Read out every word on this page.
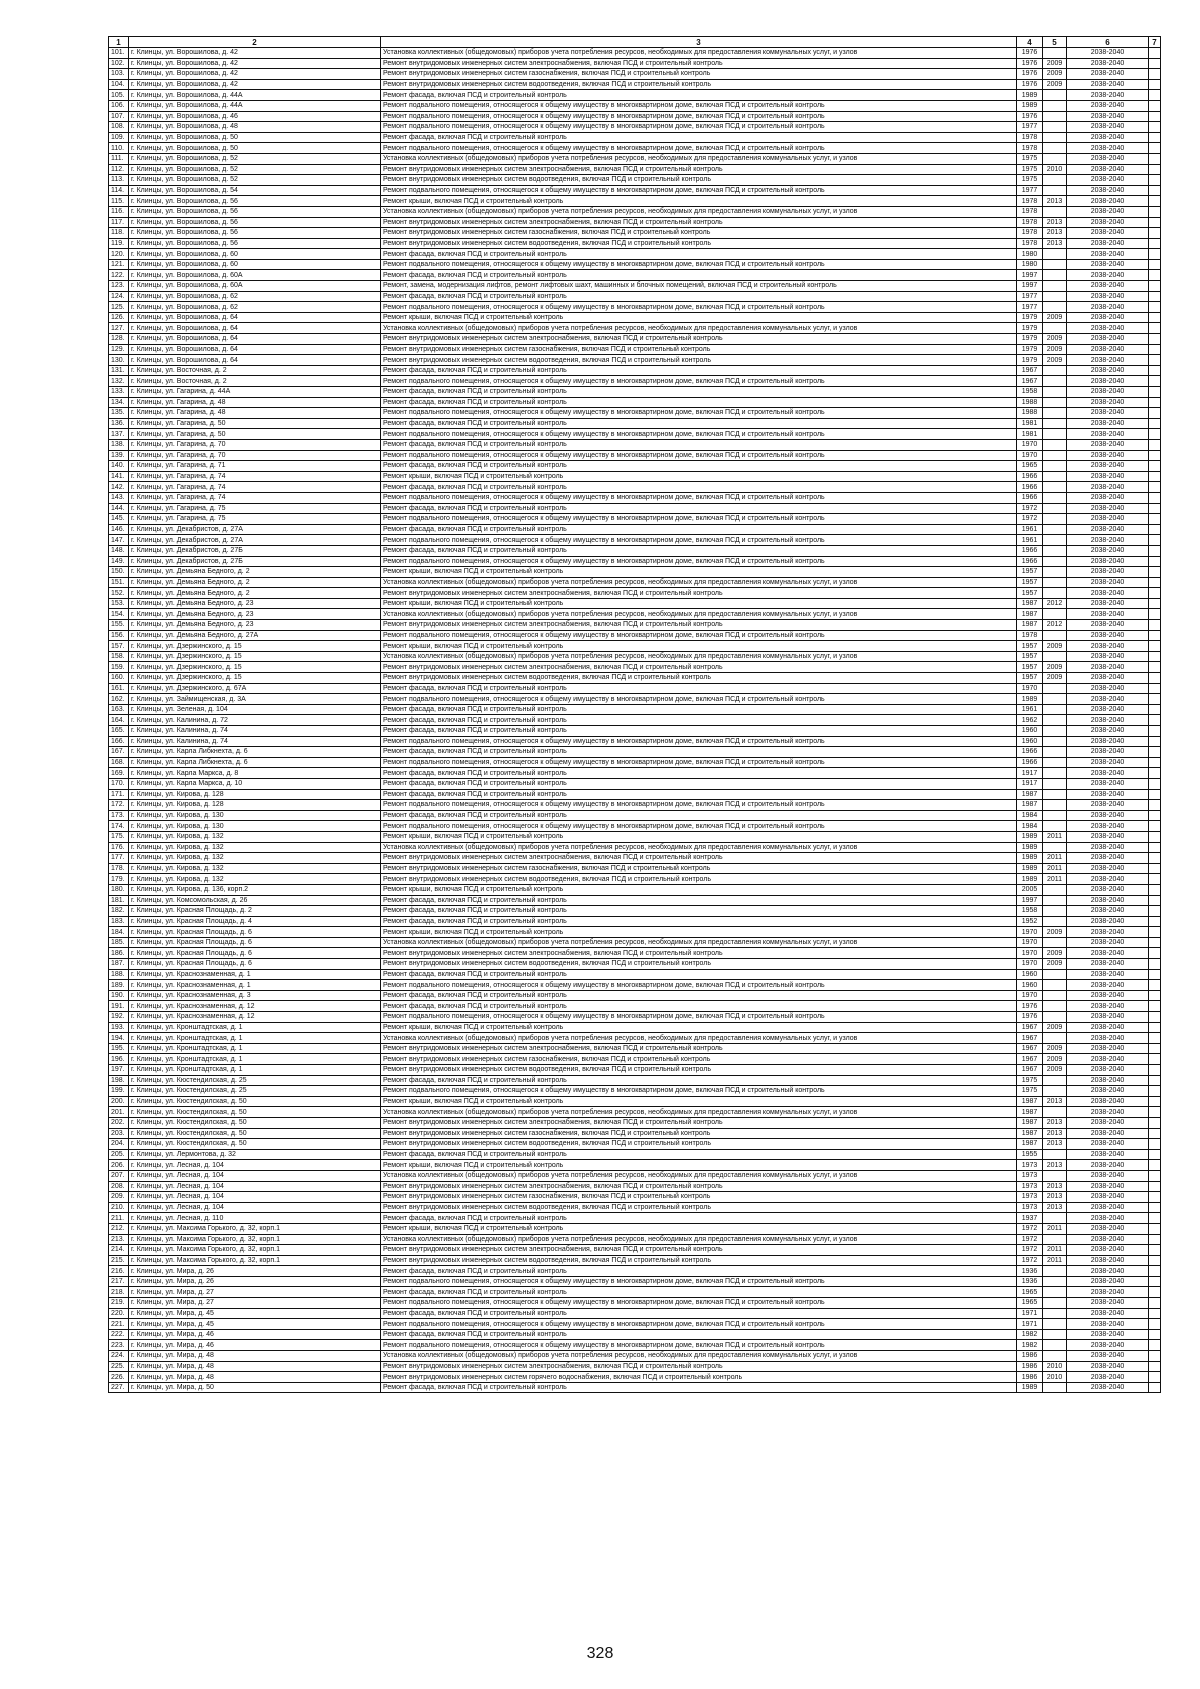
1	2	3	4	5	6	7
101.	г. Клинцы, ул. Ворошилова, д. 42	Установка коллективных (общедомовых) приборов учета потребления ресурсов, необходимых для предоставления коммунальных услуг, и узлов	1976		2038-2040	
102.	г. Клинцы, ул. Ворошилова, д. 42	Ремонт внутридомовых инженерных систем электроснабжения, включая ПСД и строительный контроль	1976	2009	2038-2040	
103.	г. Клинцы, ул. Ворошилова, д. 42	Ремонт внутридомовых инженерных систем газоснабжения, включая ПСД и строительный контроль	1976	2009	2038-2040	
104.	г. Клинцы, ул. Ворошилова, д. 42	Ремонт внутридомовых инженерных систем водоотведения, включая ПСД и строительный контроль	1976	2009	2038-2040	
105.	г. Клинцы, ул. Ворошилова, д. 44А	Ремонт фасада, включая ПСД и строительный контроль	1989		2038-2040	
106.	г. Клинцы, ул. Ворошилова, д. 44А	Ремонт подвального помещения, относящегося к общему имуществу в многоквартирном доме, включая ПСД и строительный контроль	1989		2038-2040	
107.	г. Клинцы, ул. Ворошилова, д. 46	Ремонт подвального помещения, относящегося к общему имуществу в многоквартирном доме, включая ПСД и строительный контроль	1976		2038-2040	
108.	г. Клинцы, ул. Ворошилова, д. 48	Ремонт подвального помещения, относящегося к общему имуществу в многоквартирном доме, включая ПСД и строительный контроль	1977		2038-2040	
109.	г. Клинцы, ул. Ворошилова, д. 50	Ремонт фасада, включая ПСД и строительный контроль	1978		2038-2040	
110.	г. Клинцы, ул. Ворошилова, д. 50	Ремонт подвального помещения, относящегося к общему имуществу в многоквартирном доме, включая ПСД и строительный контроль	1978		2038-2040	
111.	г. Клинцы, ул. Ворошилова, д. 52	Установка коллективных (общедомовых) приборов учета потребления ресурсов, необходимых для предоставления коммунальных услуг, и узлов	1975		2038-2040	
112.	г. Клинцы, ул. Ворошилова, д. 52	Ремонт внутридомовых инженерных систем электроснабжения, включая ПСД и строительный контроль	1975	2010	2038-2040	
113.	г. Клинцы, ул. Ворошилова, д. 52	Ремонт внутридомовых инженерных систем водоотведения, включая ПСД и строительный контроль	1975		2038-2040	
114.	г. Клинцы, ул. Ворошилова, д. 54	Ремонт подвального помещения, относящегося к общему имуществу в многоквартирном доме, включая ПСД и строительный контроль	1977		2038-2040	
115.	г. Клинцы, ул. Ворошилова, д. 56	Ремонт крыши, включая ПСД и строительный контроль	1978	2013	2038-2040	
116.	г. Клинцы, ул. Ворошилова, д. 56	Установка коллективных (общедомовых) приборов учета потребления ресурсов, необходимых для предоставления коммунальных услуг, и узлов	1978		2038-2040	
117.	г. Клинцы, ул. Ворошилова, д. 56	Ремонт внутридомовых инженерных систем электроснабжения, включая ПСД и строительный контроль	1978	2013	2038-2040	
118.	г. Клинцы, ул. Ворошилова, д. 56	Ремонт внутридомовых инженерных систем газоснабжения, включая ПСД и строительный контроль	1978	2013	2038-2040	
119.	г. Клинцы, ул. Ворошилова, д. 56	Ремонт внутридомовых инженерных систем водоотведения, включая ПСД и строительный контроль	1978	2013	2038-2040	
120.	г. Клинцы, ул. Ворошилова, д. 60	Ремонт фасада, включая ПСД и строительный контроль	1980		2038-2040	
121.	г. Клинцы, ул. Ворошилова, д. 60	Ремонт подвального помещения, относящегося к общему имуществу в многоквартирном доме, включая ПСД и строительный контроль	1980		2038-2040	
122.	г. Клинцы, ул. Ворошилова, д. 60А	Ремонт фасада, включая ПСД и строительный контроль	1997		2038-2040	
123.	г. Клинцы, ул. Ворошилова, д. 60А	Ремонт, замена, модернизация лифтов, ремонт лифтовых шахт, машинных и блочных помещений, включая ПСД и строительный контроль	1997		2038-2040	
124.	г. Клинцы, ул. Ворошилова, д. 62	Ремонт фасада, включая ПСД и строительный контроль	1977		2038-2040	
125.	г. Клинцы, ул. Ворошилова, д. 62	Ремонт подвального помещения, относящегося к общему имуществу в многоквартирном доме, включая ПСД и строительный контроль	1977		2038-2040	
126.	г. Клинцы, ул. Ворошилова, д. 64	Ремонт крыши, включая ПСД и строительный контроль	1979	2009	2038-2040	
127.	г. Клинцы, ул. Ворошилова, д. 64	Установка коллективных (общедомовых) приборов учета потребления ресурсов, необходимых для предоставления коммунальных услуг, и узлов	1979		2038-2040	
128.	г. Клинцы, ул. Ворошилова, д. 64	Ремонт внутридомовых инженерных систем электроснабжения, включая ПСД и строительный контроль	1979	2009	2038-2040	
129.	г. Клинцы, ул. Ворошилова, д. 64	Ремонт внутридомовых инженерных систем газоснабжения, включая ПСД и строительный контроль	1979	2009	2038-2040	
130.	г. Клинцы, ул. Ворошилова, д. 64	Ремонт внутридомовых инженерных систем водоотведения, включая ПСД и строительный контроль	1979	2009	2038-2040	
131.	г. Клинцы, ул. Восточная, д. 2	Ремонт фасада, включая ПСД и строительный контроль	1967		2038-2040	
132.	г. Клинцы, ул. Восточная, д. 2	Ремонт подвального помещения, относящегося к общему имуществу в многоквартирном доме, включая ПСД и строительный контроль	1967		2038-2040	
133.	г. Клинцы, ул. Гагарина, д. 44А	Ремонт фасада, включая ПСД и строительный контроль	1958		2038-2040	
134.	г. Клинцы, ул. Гагарина, д. 48	Ремонт фасада, включая ПСД и строительный контроль	1988		2038-2040	
135.	г. Клинцы, ул. Гагарина, д. 48	Ремонт подвального помещения, относящегося к общему имуществу в многоквартирном доме, включая ПСД и строительный контроль	1988		2038-2040	
136.	г. Клинцы, ул. Гагарина, д. 50	Ремонт фасада, включая ПСД и строительный контроль	1981		2038-2040	
137.	г. Клинцы, ул. Гагарина, д. 50	Ремонт подвального помещения, относящегося к общему имуществу в многоквартирном доме, включая ПСД и строительный контроль	1981		2038-2040	
138.	г. Клинцы, ул. Гагарина, д. 70	Ремонт фасада, включая ПСД и строительный контроль	1970		2038-2040	
139.	г. Клинцы, ул. Гагарина, д. 70	Ремонт подвального помещения, относящегося к общему имуществу в многоквартирном доме, включая ПСД и строительный контроль	1970		2038-2040	
140.	г. Клинцы, ул. Гагарина, д. 71	Ремонт фасада, включая ПСД и строительный контроль	1965		2038-2040	
141.	г. Клинцы, ул. Гагарина, д. 74	Ремонт крыши, включая ПСД и строительный контроль	1966		2038-2040	
142.	г. Клинцы, ул. Гагарина, д. 74	Ремонт фасада, включая ПСД и строительный контроль	1966		2038-2040	
143.	г. Клинцы, ул. Гагарина, д. 74	Ремонт подвального помещения, относящегося к общему имуществу в многоквартирном доме, включая ПСД и строительный контроль	1966		2038-2040	
144.	г. Клинцы, ул. Гагарина, д. 75	Ремонт фасада, включая ПСД и строительный контроль	1972		2038-2040	
145.	г. Клинцы, ул. Гагарина, д. 75	Ремонт подвального помещения, относящегося к общему имуществу в многоквартирном доме, включая ПСД и строительный контроль	1972		2038-2040	
146.	г. Клинцы, ул. Декабристов, д. 27А	Ремонт фасада, включая ПСД и строительный контроль	1961		2038-2040	
147.	г. Клинцы, ул. Декабристов, д. 27А	Ремонт подвального помещения, относящегося к общему имуществу в многоквартирном доме, включая ПСД и строительный контроль	1961		2038-2040	
148.	г. Клинцы, ул. Декабристов, д. 27Б	Ремонт фасада, включая ПСД и строительный контроль	1966		2038-2040	
149.	г. Клинцы, ул. Декабристов, д. 27Б	Ремонт подвального помещения, относящегося к общему имуществу в многоквартирном доме, включая ПСД и строительный контроль	1966		2038-2040	
150.	г. Клинцы, ул. Демьяна Бедного, д. 2	Ремонт крыши, включая ПСД и строительный контроль	1957		2038-2040	
151.	г. Клинцы, ул. Демьяна Бедного, д. 2	Установка коллективных (общедомовых) приборов учета потребления ресурсов, необходимых для предоставления коммунальных услуг, и узлов	1957		2038-2040	
152.	г. Клинцы, ул. Демьяна Бедного, д. 2	Ремонт внутридомовых инженерных систем электроснабжения, включая ПСД и строительный контроль	1957		2038-2040	
153.	г. Клинцы, ул. Демьяна Бедного, д. 23	Ремонт крыши, включая ПСД и строительный контроль	1987	2012	2038-2040	
154.	г. Клинцы, ул. Демьяна Бедного, д. 23	Установка коллективных (общедомовых) приборов учета потребления ресурсов, необходимых для предоставления коммунальных услуг, и узлов	1987		2038-2040	
155.	г. Клинцы, ул. Демьяна Бедного, д. 23	Ремонт внутридомовых инженерных систем электроснабжения, включая ПСД и строительный контроль	1987	2012	2038-2040	
156.	г. Клинцы, ул. Демьяна Бедного, д. 27А	Ремонт подвального помещения, относящегося к общему имуществу в многоквартирном доме, включая ПСД и строительный контроль	1978		2038-2040	
157.	г. Клинцы, ул. Дзержинского, д. 15	Ремонт крыши, включая ПСД и строительный контроль	1957	2009	2038-2040	
158.	г. Клинцы, ул. Дзержинского, д. 15	Установка коллективных (общедомовых) приборов учета потребления ресурсов, необходимых для предоставления коммунальных услуг, и узлов	1957		2038-2040	
159.	г. Клинцы, ул. Дзержинского, д. 15	Ремонт внутридомовых инженерных систем электроснабжения, включая ПСД и строительный контроль	1957	2009	2038-2040	
160.	г. Клинцы, ул. Дзержинского, д. 15	Ремонт внутридомовых инженерных систем водоотведения, включая ПСД и строительный контроль	1957	2009	2038-2040	
161.	г. Клинцы, ул. Дзержинского, д. 67А	Ремонт фасада, включая ПСД и строительный контроль	1970		2038-2040	
162.	г. Клинцы, ул. Займищенская, д. 3А	Ремонт подвального помещения, относящегося к общему имуществу в многоквартирном доме, включая ПСД и строительный контроль	1989		2038-2040	
163.	г. Клинцы, ул. Зеленая, д. 104	Ремонт фасада, включая ПСД и строительный контроль	1961		2038-2040	
164.	г. Клинцы, ул. Калинина, д. 72	Ремонт фасада, включая ПСД и строительный контроль	1962		2038-2040	
165.	г. Клинцы, ул. Калинина, д. 74	Ремонт фасада, включая ПСД и строительный контроль	1960		2038-2040	
166.	г. Клинцы, ул. Калинина, д. 74	Ремонт подвального помещения, относящегося к общему имуществу в многоквартирном доме, включая ПСД и строительный контроль	1960		2038-2040	
167.	г. Клинцы, ул. Карла Либкнехта, д. 6	Ремонт фасада, включая ПСД и строительный контроль	1966		2038-2040	
168.	г. Клинцы, ул. Карла Либкнехта, д. 6	Ремонт подвального помещения, относящегося к общему имуществу в многоквартирном доме, включая ПСД и строительный контроль	1966		2038-2040	
169.	г. Клинцы, ул. Карла Маркса, д. 8	Ремонт фасада, включая ПСД и строительный контроль	1917		2038-2040	
170.	г. Клинцы, ул. Карла Маркса, д. 10	Ремонт фасада, включая ПСД и строительный контроль	1917		2038-2040	
171.	г. Клинцы, ул. Кирова, д. 128	Ремонт фасада, включая ПСД и строительный контроль	1987		2038-2040	
172.	г. Клинцы, ул. Кирова, д. 128	Ремонт подвального помещения, относящегося к общему имуществу в многоквартирном доме, включая ПСД и строительный контроль	1987		2038-2040	
173.	г. Клинцы, ул. Кирова, д. 130	Ремонт фасада, включая ПСД и строительный контроль	1984		2038-2040	
174.	г. Клинцы, ул. Кирова, д. 130	Ремонт подвального помещения, относящегося к общему имуществу в многоквартирном доме, включая ПСД и строительный контроль	1984		2038-2040	
175.	г. Клинцы, ул. Кирова, д. 132	Ремонт крыши, включая ПСД и строительный контроль	1989	2011	2038-2040	
176.	г. Клинцы, ул. Кирова, д. 132	Установка коллективных (общедомовых) приборов учета потребления ресурсов, необходимых для предоставления коммунальных услуг, и узлов	1989		2038-2040	
177.	г. Клинцы, ул. Кирова, д. 132	Ремонт внутридомовых инженерных систем электроснабжения, включая ПСД и строительный контроль	1989	2011	2038-2040	
178.	г. Клинцы, ул. Кирова, д. 132	Ремонт внутридомовых инженерных систем газоснабжения, включая ПСД и строительный контроль	1989	2011	2038-2040	
179.	г. Клинцы, ул. Кирова, д. 132	Ремонт внутридомовых инженерных систем водоотведения, включая ПСД и строительный контроль	1989	2011	2038-2040	
180.	г. Клинцы, ул. Кирова, д. 136, корп.2	Ремонт крыши, включая ПСД и строительный контроль	2005		2038-2040	
181.	г. Клинцы, ул. Комсомольская, д. 26	Ремонт фасада, включая ПСД и строительный контроль	1997		2038-2040	
182.	г. Клинцы, ул. Красная Площадь, д. 2	Ремонт фасада, включая ПСД и строительный контроль	1958		2038-2040	
183.	г. Клинцы, ул. Красная Площадь, д. 4	Ремонт фасада, включая ПСД и строительный контроль	1952		2038-2040	
184.	г. Клинцы, ул. Красная Площадь, д. 6	Ремонт крыши, включая ПСД и строительный контроль	1970	2009	2038-2040	
185.	г. Клинцы, ул. Красная Площадь, д. 6	Установка коллективных (общедомовых) приборов учета потребления ресурсов, необходимых для предоставления коммунальных услуг, и узлов	1970		2038-2040	
186.	г. Клинцы, ул. Красная Площадь, д. 6	Ремонт внутридомовых инженерных систем электроснабжения, включая ПСД и строительный контроль	1970	2009	2038-2040	
187.	г. Клинцы, ул. Красная Площадь, д. 6	Ремонт внутридомовых инженерных систем водоотведения, включая ПСД и строительный контроль	1970	2009	2038-2040	
188.	г. Клинцы, ул. Краснознаменная, д. 1	Ремонт фасада, включая ПСД и строительный контроль	1960		2038-2040	
189.	г. Клинцы, ул. Краснознаменная, д. 1	Ремонт подвального помещения, относящегося к общему имуществу в многоквартирном доме, включая ПСД и строительный контроль	1960		2038-2040	
190.	г. Клинцы, ул. Краснознаменная, д. 3	Ремонт фасада, включая ПСД и строительный контроль	1970		2038-2040	
191.	г. Клинцы, ул. Краснознаменная, д. 12	Ремонт фасада, включая ПСД и строительный контроль	1976		2038-2040	
192.	г. Клинцы, ул. Краснознаменная, д. 12	Ремонт подвального помещения, относящегося к общему имуществу в многоквартирном доме, включая ПСД и строительный контроль	1976		2038-2040	
193.	г. Клинцы, ул. Кронштадтская, д. 1	Ремонт крыши, включая ПСД и строительный контроль	1967	2009	2038-2040	
194.	г. Клинцы, ул. Кронштадтская, д. 1	Установка коллективных (общедомовых) приборов учета потребления ресурсов, необходимых для предоставления коммунальных услуг, и узлов	1967		2038-2040	
195.	г. Клинцы, ул. Кронштадтская, д. 1	Ремонт внутридомовых инженерных систем электроснабжения, включая ПСД и строительный контроль	1967	2009	2038-2040	
196.	г. Клинцы, ул. Кронштадтская, д. 1	Ремонт внутридомовых инженерных систем газоснабжения, включая ПСД и строительный контроль	1967	2009	2038-2040	
197.	г. Клинцы, ул. Кронштадтская, д. 1	Ремонт внутридомовых инженерных систем водоотведения, включая ПСД и строительный контроль	1967	2009	2038-2040	
198.	г. Клинцы, ул. Кюстендилская, д. 25	Ремонт фасада, включая ПСД и строительный контроль	1975		2038-2040	
199.	г. Клинцы, ул. Кюстендилская, д. 25	Ремонт подвального помещения, относящегося к общему имуществу в многоквартирном доме, включая ПСД и строительный контроль	1975		2038-2040	
200.	г. Клинцы, ул. Кюстендилская, д. 50	Ремонт крыши, включая ПСД и строительный контроль	1987	2013	2038-2040	
201.	г. Клинцы, ул. Кюстендилская, д. 50	Установка коллективных (общедомовых) приборов учета потребления ресурсов, необходимых для предоставления коммунальных услуг, и узлов	1987		2038-2040	
202.	г. Клинцы, ул. Кюстендилская, д. 50	Ремонт внутридомовых инженерных систем электроснабжения, включая ПСД и строительный контроль	1987	2013	2038-2040	
203.	г. Клинцы, ул. Кюстендилская, д. 50	Ремонт внутридомовых инженерных систем газоснабжения, включая ПСД и строительный контроль	1987	2013	2038-2040	
204.	г. Клинцы, ул. Кюстендилская, д. 50	Ремонт внутридомовых инженерных систем водоотведения, включая ПСД и строительный контроль	1987	2013	2038-2040	
205.	г. Клинцы, ул. Лермонтова, д. 32	Ремонт фасада, включая ПСД и строительный контроль	1955		2038-2040	
206.	г. Клинцы, ул. Лесная, д. 104	Ремонт крыши, включая ПСД и строительный контроль	1973	2013	2038-2040	
207.	г. Клинцы, ул. Лесная, д. 104	Установка коллективных (общедомовых) приборов учета потребления ресурсов, необходимых для предоставления коммунальных услуг, и узлов	1973		2038-2040	
208.	г. Клинцы, ул. Лесная, д. 104	Ремонт внутридомовых инженерных систем электроснабжения, включая ПСД и строительный контроль	1973	2013	2038-2040	
209.	г. Клинцы, ул. Лесная, д. 104	Ремонт внутридомовых инженерных систем газоснабжения, включая ПСД и строительный контроль	1973	2013	2038-2040	
210.	г. Клинцы, ул. Лесная, д. 104	Ремонт внутридомовых инженерных систем водоотведения, включая ПСД и строительный контроль	1973	2013	2038-2040	
211.	г. Клинцы, ул. Лесная, д. 110	Ремонт фасада, включая ПСД и строительный контроль	1937		2038-2040	
212.	г. Клинцы, ул. Максима Горького, д. 32, корп.1	Ремонт крыши, включая ПСД и строительный контроль	1972	2011	2038-2040	
213.	г. Клинцы, ул. Максима Горького, д. 32, корп.1	Установка коллективных (общедомовых) приборов учета потребления ресурсов, необходимых для предоставления коммунальных услуг, и узлов	1972		2038-2040	
214.	г. Клинцы, ул. Максима Горького, д. 32, корп.1	Ремонт внутридомовых инженерных систем электроснабжения, включая ПСД и строительный контроль	1972	2011	2038-2040	
215.	г. Клинцы, ул. Максима Горького, д. 32, корп.1	Ремонт внутридомовых инженерных систем водоотведения, включая ПСД и строительный контроль	1972	2011	2038-2040	
216.	г. Клинцы, ул. Мира, д. 26	Ремонт фасада, включая ПСД и строительный контроль	1936		2038-2040	
217.	г. Клинцы, ул. Мира, д. 26	Ремонт подвального помещения, относящегося к общему имуществу в многоквартирном доме, включая ПСД и строительный контроль	1936		2038-2040	
218.	г. Клинцы, ул. Мира, д. 27	Ремонт фасада, включая ПСД и строительный контроль	1965		2038-2040	
219.	г. Клинцы, ул. Мира, д. 27	Ремонт подвального помещения, относящегося к общему имуществу в многоквартирном доме, включая ПСД и строительный контроль	1965		2038-2040	
220.	г. Клинцы, ул. Мира, д. 45	Ремонт фасада, включая ПСД и строительный контроль	1971		2038-2040	
221.	г. Клинцы, ул. Мира, д. 45	Ремонт подвального помещения, относящегося к общему имуществу в многоквартирном доме, включая ПСД и строительный контроль	1971		2038-2040	
222.	г. Клинцы, ул. Мира, д. 46	Ремонт фасада, включая ПСД и строительный контроль	1982		2038-2040	
223.	г. Клинцы, ул. Мира, д. 46	Ремонт подвального помещения, относящегося к общему имуществу в многоквартирном доме, включая ПСД и строительный контроль	1982		2038-2040	
224.	г. Клинцы, ул. Мира, д. 48	Установка коллективных (общедомовых) приборов учета потребления ресурсов, необходимых для предоставления коммунальных услуг, и узлов	1986		2038-2040	
225.	г. Клинцы, ул. Мира, д. 48	Ремонт внутридомовых инженерных систем электроснабжения, включая ПСД и строительный контроль	1986	2010	2038-2040	
226.	г. Клинцы, ул. Мира, д. 48	Ремонт внутридомовых инженерных систем горячего водоснабжения, включая ПСД и строительный контроль	1986	2010	2038-2040	
227.	г. Клинцы, ул. Мира, д. 50	Ремонт фасада, включая ПСД и строительный контроль	1989		2038-2040	
328
